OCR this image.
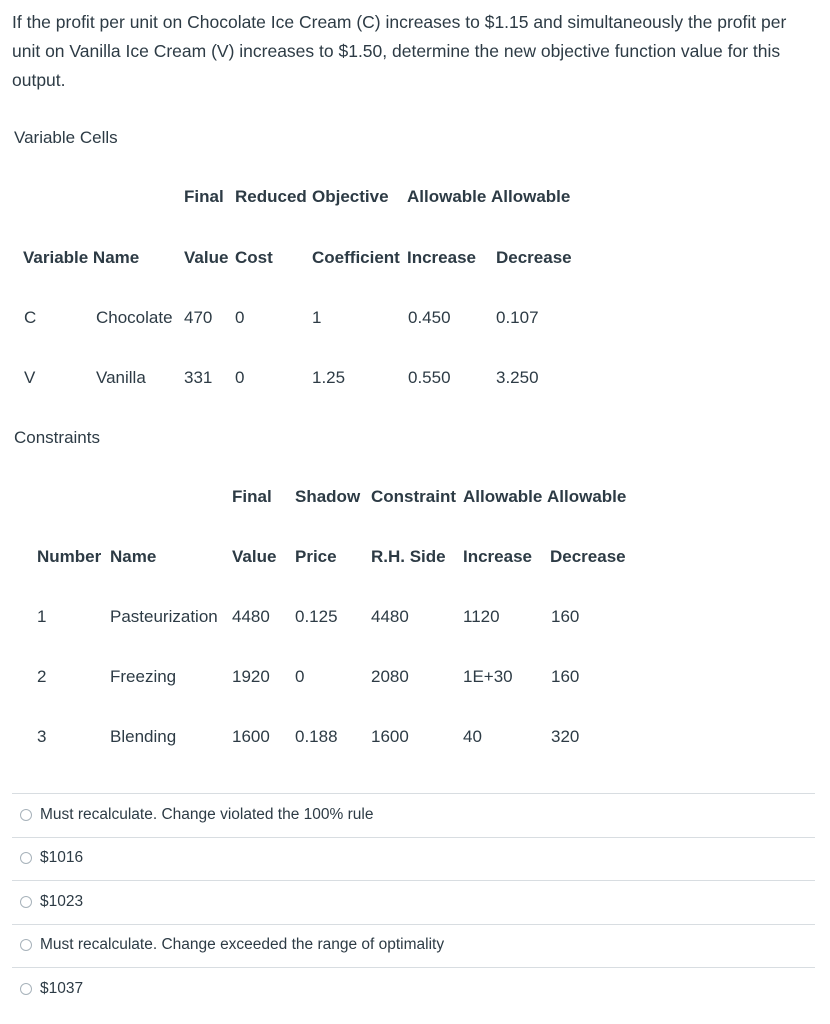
If the profit per unit on Chocolate Ice Cream (C) increases to $1.15 and simultaneously the profit per unit on Vanilla Ice Cream (V) increases to $1.50, determine the new objective function value for this output.
Variable Cells
Final Reduced Objective Allowable Allowable
Variable Name	Value Cost Coefficient Increase Decrease
C	Chocolate 470 0	1	0.450	0.107
V	Vanilla 331 0	1.25	0.550	3.250
Constraints
Final Shadow Constraint Allowable Allowable
Number Name	Value Price R.H. Side Increase Decrease
1	Pasteurization 4480 0.125 4480	1120	160
2	Freezing	1920 0	2080	1E+30 160
3	Blending	1600 0.188 1600	40	320
Must recalculate. Change violated the 100% rule
$1016
$1023
Must recalculate. Change exceeded the range of optimality
$1037
